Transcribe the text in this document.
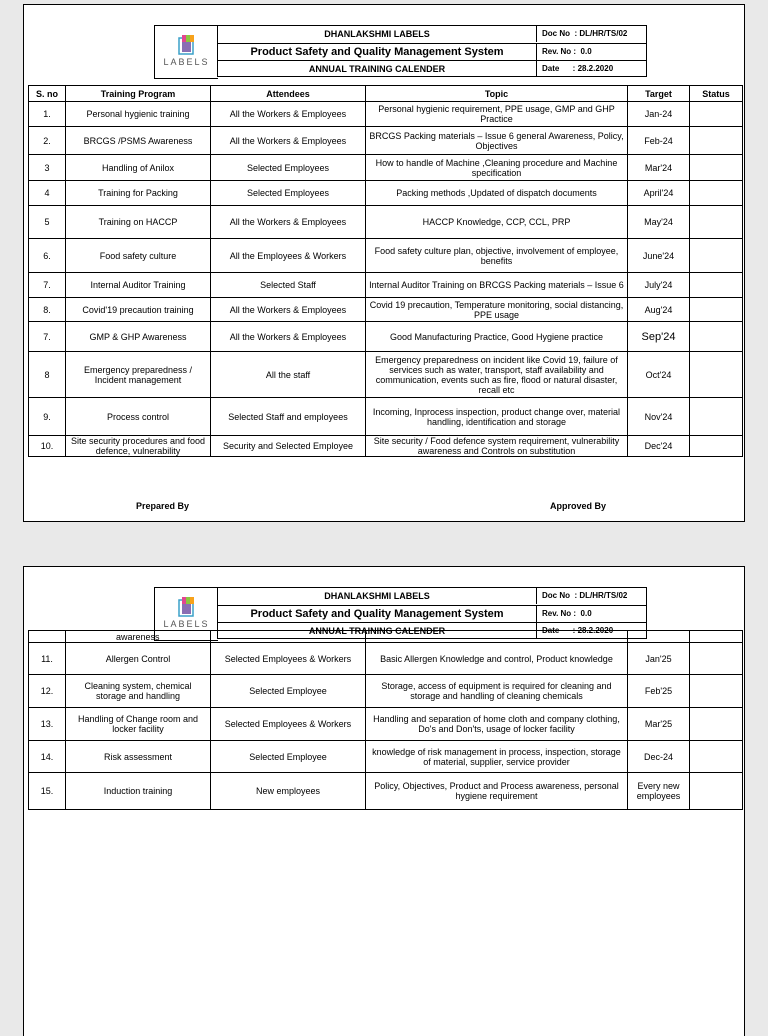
LABELS
DHANLAKSHMI LABELS	Doc No  : DL/HR/TS/02
Product Safety and Quality Management System	Rev. No :  0.0
ANNUAL TRAINING CALENDER	Date      : 28.2.2020
S. no	Training Program	Attendees	Topic	Target	Status
1.	Personal hygienic training	All the Workers & Employees	Personal hygienic requirement, PPE usage, GMP and GHP Practice	Jan-24	
2.	BRCGS /PSMS Awareness	All the Workers & Employees	BRCGS Packing materials – Issue 6 general Awareness, Policy, Objectives	Feb-24	
3	Handling of Anilox	Selected Employees	How to handle of Machine ,Cleaning procedure and Machine specification	Mar'24	
4	Training for Packing	Selected Employees	Packing methods ,Updated of dispatch documents	April'24	
5	Training on HACCP	All the Workers & Employees	HACCP Knowledge, CCP, CCL, PRP	May'24	
6.	Food safety culture	All the Employees & Workers	Food safety culture plan, objective, involvement of employee, benefits	June'24	
7.	Internal Auditor Training	Selected Staff	Internal Auditor Training on BRCGS Packing materials – Issue 6	July'24	
8.	Covid'19 precaution training	All the Workers & Employees	Covid 19 precaution, Temperature monitoring, social distancing, PPE usage	Aug'24	
7.	GMP & GHP Awareness	All the Workers & Employees	Good Manufacturing Practice, Good Hygiene practice	Sep'24	
8	Emergency preparedness / Incident management	All the staff	Emergency preparedness on incident like Covid 19, failure of services such as water, transport, staff availability and communication, events such as fire, flood or natural disaster, recall etc	Oct'24	
9.	Process control	Selected Staff and employees	Incoming, Inprocess inspection, product change over, material handling, identification and storage	Nov'24	
10.	Site security procedures and food defence, vulnerability	Security and Selected Employee	Site security / Food defence system requirement, vulnerability awareness and Controls on substitution	Dec'24	
Prepared By	Approved By
LABELS
DHANLAKSHMI LABELS	Doc No  : DL/HR/TS/02
Product Safety and Quality Management System	Rev. No :  0.0
ANNUAL TRAINING CALENDER	Date      : 28.2.2020
	awareness				
11.	Allergen Control	Selected Employees & Workers	Basic Allergen Knowledge and control, Product knowledge	Jan'25	
12.	Cleaning system, chemical storage and handling	Selected Employee	Storage, access of equipment is required for cleaning and storage and handling of cleaning chemicals	Feb'25	
13.	Handling of Change room and locker facility	Selected Employees & Workers	Handling and separation of home cloth and company clothing, Do's and Don'ts, usage of locker facility	Mar'25	
14.	Risk assessment	Selected Employee	knowledge of risk management in process, inspection, storage of material, supplier, service provider	Dec-24	
15.	Induction training	New employees	Policy, Objectives, Product and Process awareness, personal hygiene requirement	Every new employees	
